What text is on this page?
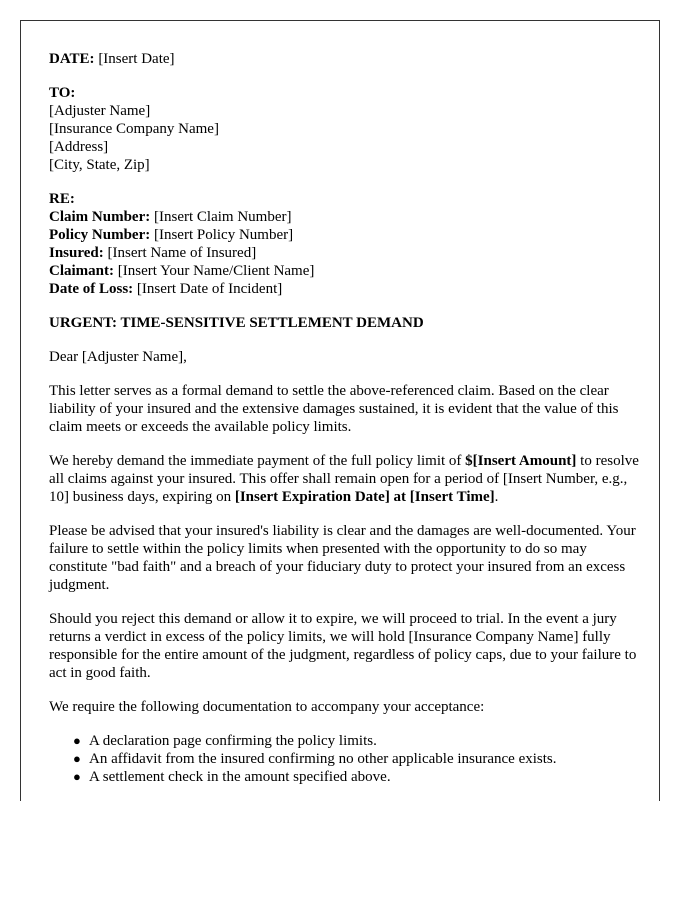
DATE: [Insert Date]
TO:
[Adjuster Name]
[Insurance Company Name]
[Address]
[City, State, Zip]
RE:
Claim Number: [Insert Claim Number]
Policy Number: [Insert Policy Number]
Insured: [Insert Name of Insured]
Claimant: [Insert Your Name/Client Name]
Date of Loss: [Insert Date of Incident]
URGENT: TIME-SENSITIVE SETTLEMENT DEMAND
Dear [Adjuster Name],

This letter serves as a formal demand to settle the above-referenced claim. Based on the clear liability of your insured and the extensive damages sustained, it is evident that the value of this claim meets or exceeds the available policy limits.

We hereby demand the immediate payment of the full policy limit of $[Insert Amount] to resolve all claims against your insured. This offer shall remain open for a period of [Insert Number, e.g., 10] business days, expiring on [Insert Expiration Date] at [Insert Time].

Please be advised that your insured's liability is clear and the damages are well-documented. Your failure to settle within the policy limits when presented with the opportunity to do so may constitute "bad faith" and a breach of your fiduciary duty to protect your insured from an excess judgment.

Should you reject this demand or allow it to expire, we will proceed to trial. In the event a jury returns a verdict in excess of the policy limits, we will hold [Insurance Company Name] fully responsible for the entire amount of the judgment, regardless of policy caps, due to your failure to act in good faith.

We require the following documentation to accompany your acceptance:

● A declaration page confirming the policy limits.
● An affidavit from the insured confirming no other applicable insurance exists.
● A settlement check in the amount specified above.
